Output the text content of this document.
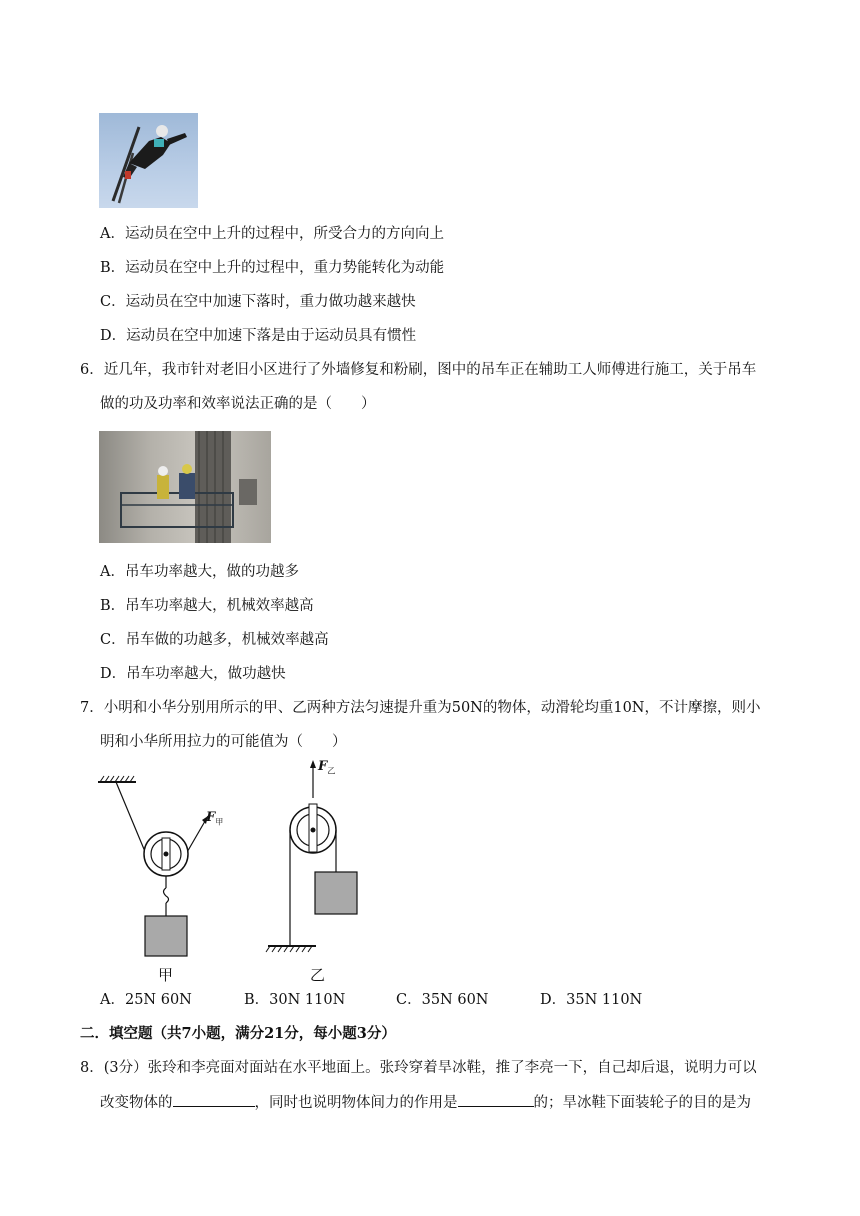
A．运动员在空中上升的过程中，所受合力的方向向上
B．运动员在空中上升的过程中，重力势能转化为动能
C．运动员在空中加速下落时，重力做功越来越快
D．运动员在空中加速下落是由于运动员具有惯性
6．近几年，我市针对老旧小区进行了外墙修复和粉刷，图中的吊车正在辅助工人师傅进行施工，关于吊车
做的功及功率和效率说法正确的是（　　）
A．吊车功率越大，做的功越多
B．吊车功率越大，机械效率越高
C．吊车做的功越多，机械效率越高
D．吊车功率越大，做功越快
7．小明和小华分别用所示的甲、乙两种方法匀速提升重为50N的物体，动滑轮均重10N，不计摩擦，则小
明和小华所用拉力的可能值为（　　）
$F_甲$
甲
$F_乙$
乙
A．25N 60N	B．30N 110N	C．35N 60N	D．35N 110N
二．填空题（共7小题，满分21分，每小题3分）
8．(3分）张玲和李亮面对面站在水平地面上。张玲穿着旱冰鞋，推了李亮一下，自己却后退，说明力可以
改变物体的	，同时也说明物体间力的作用是	的；旱冰鞋下面装轮子的目的是为
